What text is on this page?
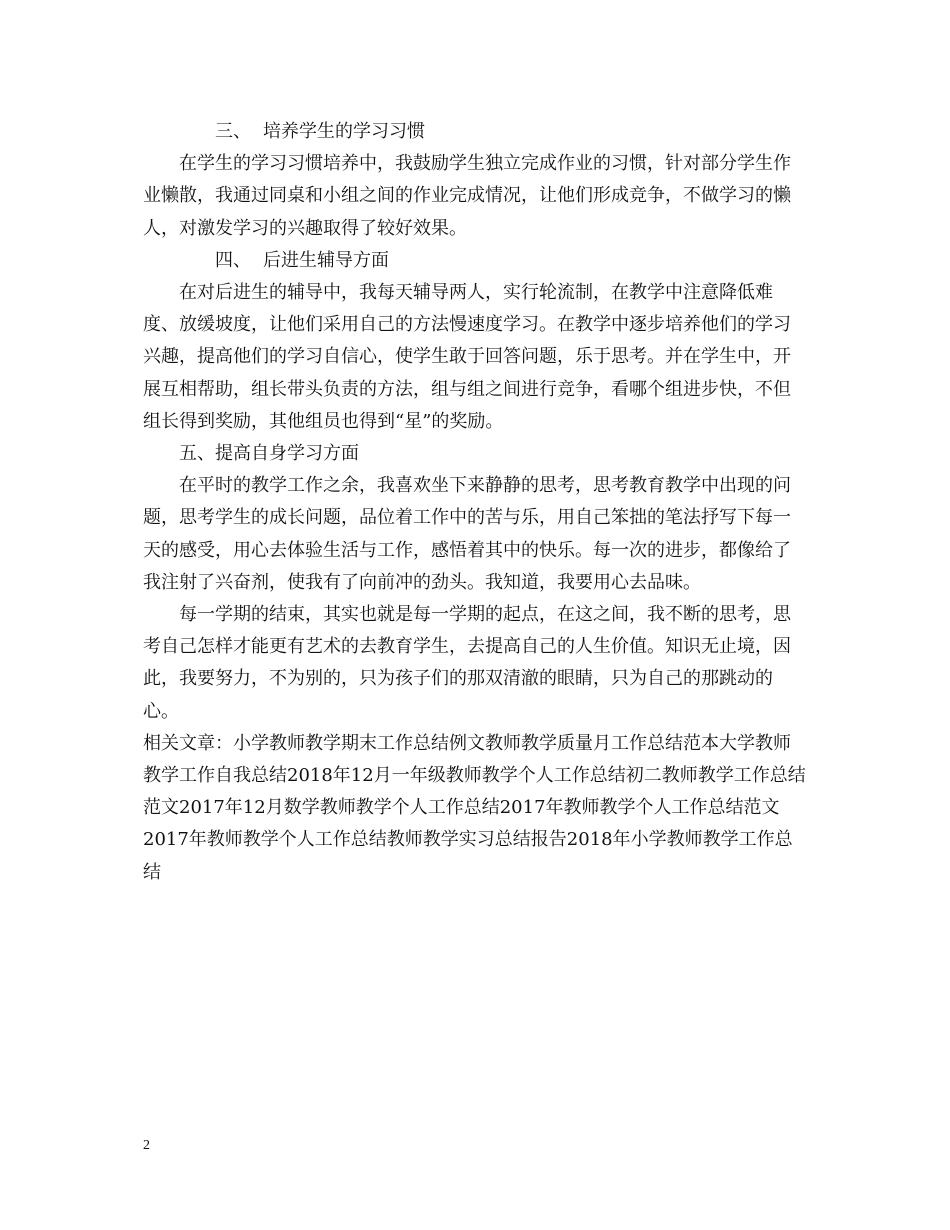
三、 培养学生的学习习惯

在学生的学习习惯培养中，我鼓励学生独立完成作业的习惯，针对部分学生作业懒散，我通过同桌和小组之间的作业完成情况，让他们形成竞争，不做学习的懒人，对激发学习的兴趣取得了较好效果。

四、 后进生辅导方面

在对后进生的辅导中，我每天辅导两人，实行轮流制，在教学中注意降低难度、放缓坡度，让他们采用自己的方法慢速度学习。在教学中逐步培养他们的学习兴趣，提高他们的学习自信心，使学生敢于回答问题，乐于思考。并在学生中，开展互相帮助，组长带头负责的方法，组与组之间进行竞争，看哪个组进步快，不但组长得到奖励，其他组员也得到“星”的奖励。

五、提高自身学习方面

在平时的教学工作之余，我喜欢坐下来静静的思考，思考教育教学中出现的问题，思考学生的成长问题，品位着工作中的苦与乐，用自己笨拙的笔法抒写下每一天的感受，用心去体验生活与工作，感悟着其中的快乐。每一次的进步，都像给了我注射了兴奋剂，使我有了向前冲的劲头。我知道，我要用心去品味。

每一学期的结束，其实也就是每一学期的起点，在这之间，我不断的思考，思考自己怎样才能更有艺术的去教育学生，去提高自己的人生价值。知识无止境，因此，我要努力，不为别的，只为孩子们的那双清澈的眼睛，只为自己的那跳动的心。

相关文章：小学教师教学期末工作总结例文教师教学质量月工作总结范本大学教师教学工作自我总结2018年12月一年级教师教学个人工作总结初二教师教学工作总结范文2017年12月数学教师教学个人工作总结2017年教师教学个人工作总结范文2017年教师教学个人工作总结教师教学实习总结报告2018年小学教师教学工作总结

2
